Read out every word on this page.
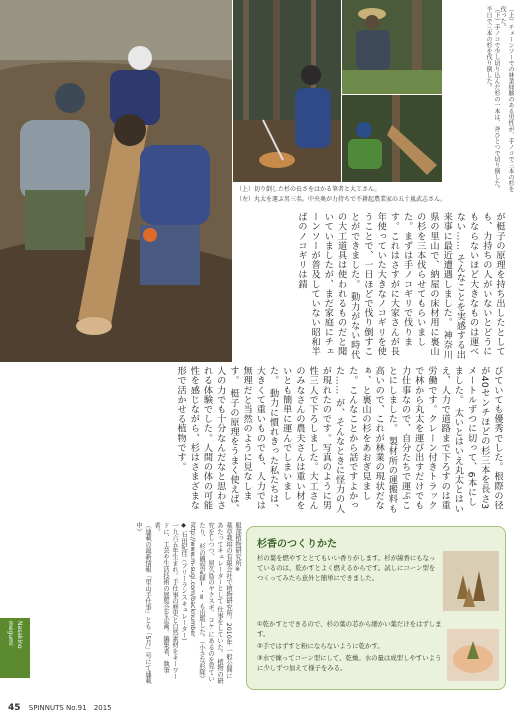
（上）チェーンソーでの林業経験のある男性が、手ノコで三本の杉を伐った。
（下）手ノコで少し切り込んだ杉の一本は、斧ひとつで切り倒した。半日で三本の杉を伐り倒した。
（上）切り倒した杉の長さをはかる筆者と大工さん。
（左）丸太を運ぶ男三名。中央奥が力持ちで不耕起農業家の五十嵐武志さん。
が梃子の原理を持ち出したとしても、力持ちの人がいないとどうにもならないほど大きなものは運べない…… そんなことを実感する出来事に最近遭遇しました。 神奈川県の里山で、納屋の床材用に裏山の杉を三本伐らせてもらいました。まずは手ノコギリで伐ります。これはさすがに大家さんが長年使っていた大きなノコギリを使うことで、一日ほどで伐り倒すことができました。 動力がない時代の大工道具は使われるものだと聞いていましたが、まだ家庭にチェーンソーが普及していない昭和半ばのノコギリは錆
びていても優秀でした。根際の径が40センチほどの杉三本を長さ3メートルずつに切って、6本にしました。 太いとはいえ丸太とはいえ、人力で道路まで下ろすのは重労働です。クレーン付きトラックで林から丸太を運び出すだけでも力仕事なので、自分たちで運ぶことにしました。 製材所の運搬料も高いので、これが林業の現状だなぁ、と裏山の杉をあおぎ見ました。こんなことから話ですよかった…… が、そんなときに怪力の人が現れたのです。写真のように男性三人で下ろしました。大工さんのみなさんの農夫さんは重い材をいとも簡単に運んでしまいました。 動力に慣れきった私たちは、大きくて重いものでも、人力では無理だと当然のように見なします。 梃子の原理をうまく使えば、人の力でも十分なんだなと思わされる体験でした。人間の体の可能性を感じながら、杉はさまざまな形で活かせる植物です。
服部植物研究所※
薬草栽培の有限会社で植物研究所。2010年 一般公開にあたってキュレーターとして 仕事をしていた。 植物の研究をしつつ、屋久島のヤクスギ、コケ にあるのを見ていたり、 杉の観察記録Ⅰ・Ⅱ も出版した。（小さな杉隊）
http://www.m-sugi.com/backnumber
◆ 石田紀佳（フリーランスキュレーター）
一九六五年生まれ。手仕事の歴史と自然素材をキーワードに、工芸や生活技術の展覧会を企画。編集者、執筆者。
（連載の最新情報「里山手仕事」とも「5月」号にて連載中）
杉香のつくりかた
杉の葉を燃やすととてもいい香りがします。杉が線香にもなっているのは、乾かすとよく燃えるからです。試しにコーン型をつくってみたら意外と簡単にできました。
①乾かすとできるので、杉の葉の芯から細かい葉だけをはずします。
②手ではずすと粉にならないように乾かす。
③水で練ってコーン型にして、乾燥。水の量は成型しやすいように少しずつ加えて様子をみる。
Nasakino megumi
45 SPINNUTS No.91 2015
